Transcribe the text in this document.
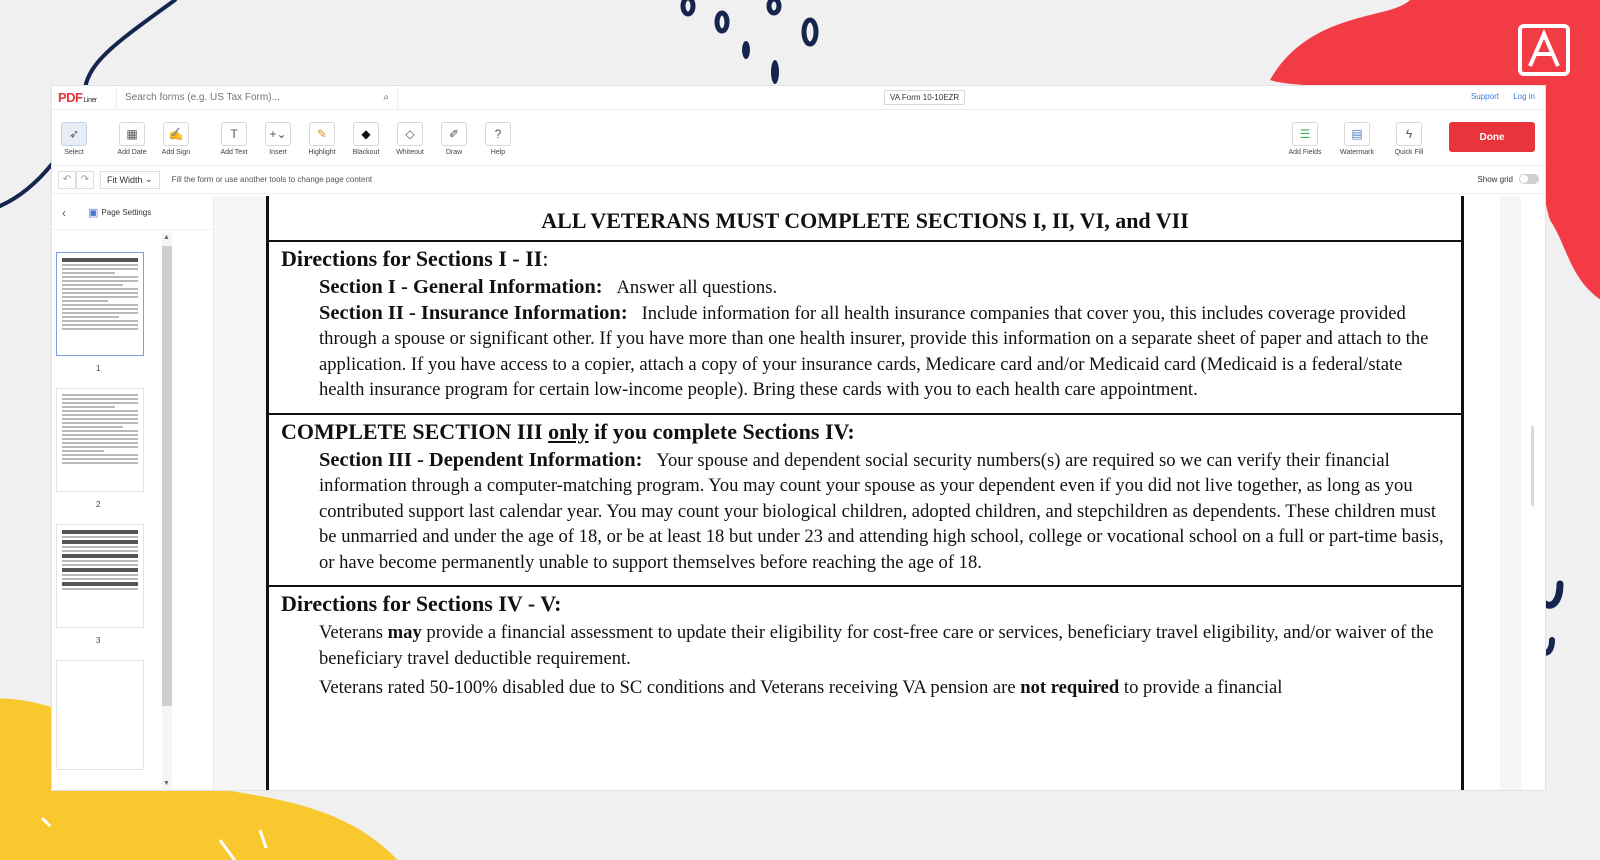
PDFLiner
Search forms (e.g. US Tax Form)...	⌕	VA Form 10-10EZR	Support Log in
➶
Select
▦
Add Date
✍
Add Sign
T
Add Text
+⌄
Insert
✎
Highlight
◆
Blackout
◇
Whiteout
✐
Draw
?
Help
☰
Add Fields
▤
Watermark
ϟ
Quick Fill
Done
↶ ↷	Fit Width
⌄ Fill the form or use another tools to change page content	Show grid
‹	▣ Page Settings
1
2
3
▲
▼
ALL VETERANS MUST COMPLETE SECTIONS I, II, VI, and VII
Directions for Sections I - II:

Section I - General Information: Answer all questions.

Section II - Insurance Information: Include information for all health insurance companies that cover you, this includes coverage provided through a spouse or significant other. If you have more than one health insurer, provide this information on a separate sheet of paper and attach to the application. If you have access to a copier, attach a copy of your insurance cards, Medicare card and/or Medicaid card (Medicaid is a federal/state health insurance program for certain low-income people). Bring these cards with you to each health care appointment.

COMPLETE SECTION III only if you complete Sections IV:

Section III - Dependent Information: Your spouse and dependent social security numbers(s) are required so we can verify their financial information through a computer-matching program. You may count your spouse as your dependent even if you did not live together, as long as you contributed support last calendar year. You may count your biological children, adopted children, and stepchildren as dependents. These children must be unmarried and under the age of 18, or be at least 18 but under 23 and attending high school, college or vocational school on a full or part-time basis, or have become permanently unable to support themselves before reaching the age of 18.

Directions for Sections IV - V:

Veterans may provide a financial assessment to update their eligibility for cost-free care or services, beneficiary travel eligibility, and/or waiver of the beneficiary travel deductible requirement.

Veterans rated 50-100% disabled due to SC conditions and Veterans receiving VA pension are not required to provide a financial
